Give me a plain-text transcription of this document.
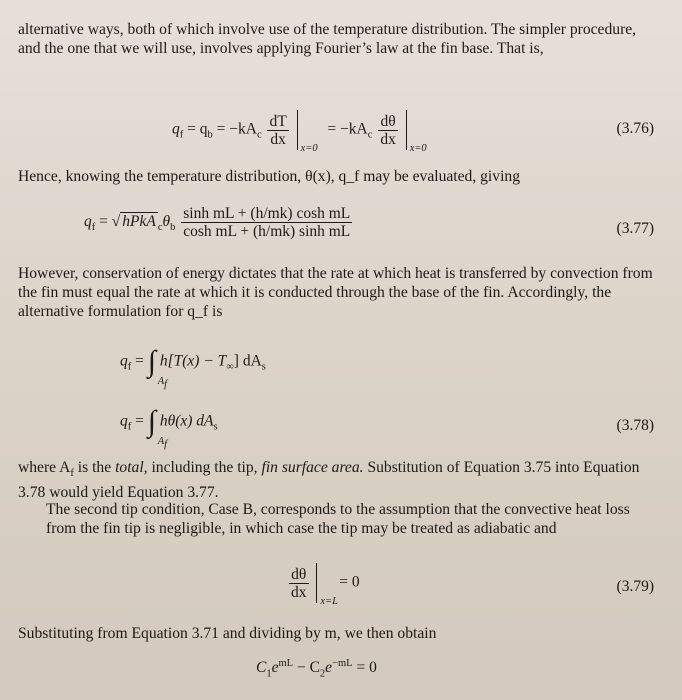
alternative ways, both of which involve use of the temperature distribution. The simpler procedure, and the one that we will use, involves applying Fourier’s law at the fin base. That is,

$q_f = q_b = -kA_c \frac{dT}{dx}$

x=0
= $-kA_c \frac{d\theta}{dx}$

x=0
(3.76)

Hence, knowing the temperature distribution, θ(x), q_f may be evaluated, giving

$q_f$ = √ hPkA $_c\theta_b \frac{\text{sinh mL + (h/mk) cosh mL}}{\text{cosh mL + (h/mk) sinh mL}}$	(3.77)

However, conservation of energy dictates that the rate at which heat is transferred by convection from the fin must equal the rate at which it is conducted through the base of the fin. Accordingly, the alternative formulation for q_f is

$q_f$ = ∫
$A_f$
$h[T(x) - T_\infty]$ $dA_s$
$q_f$ = ∫
$A_f$
hθ(x) $dA_s$	(3.78)

where $A_f$ is the total, including the tip, fin surface area. Substitution of Equation 3.75 into Equation 3.78 would yield Equation 3.77.

The second tip condition, Case B, corresponds to the assumption that the convective heat loss from the fin tip is negligible, in which case the tip may be treated as adiabatic and

$\frac{d\theta}{dx}$

x=L
= 0	(3.79)

Substituting from Equation 3.71 and dividing by m, we then obtain

$C_1e^{mL} - C_2e^{-mL} = 0$
